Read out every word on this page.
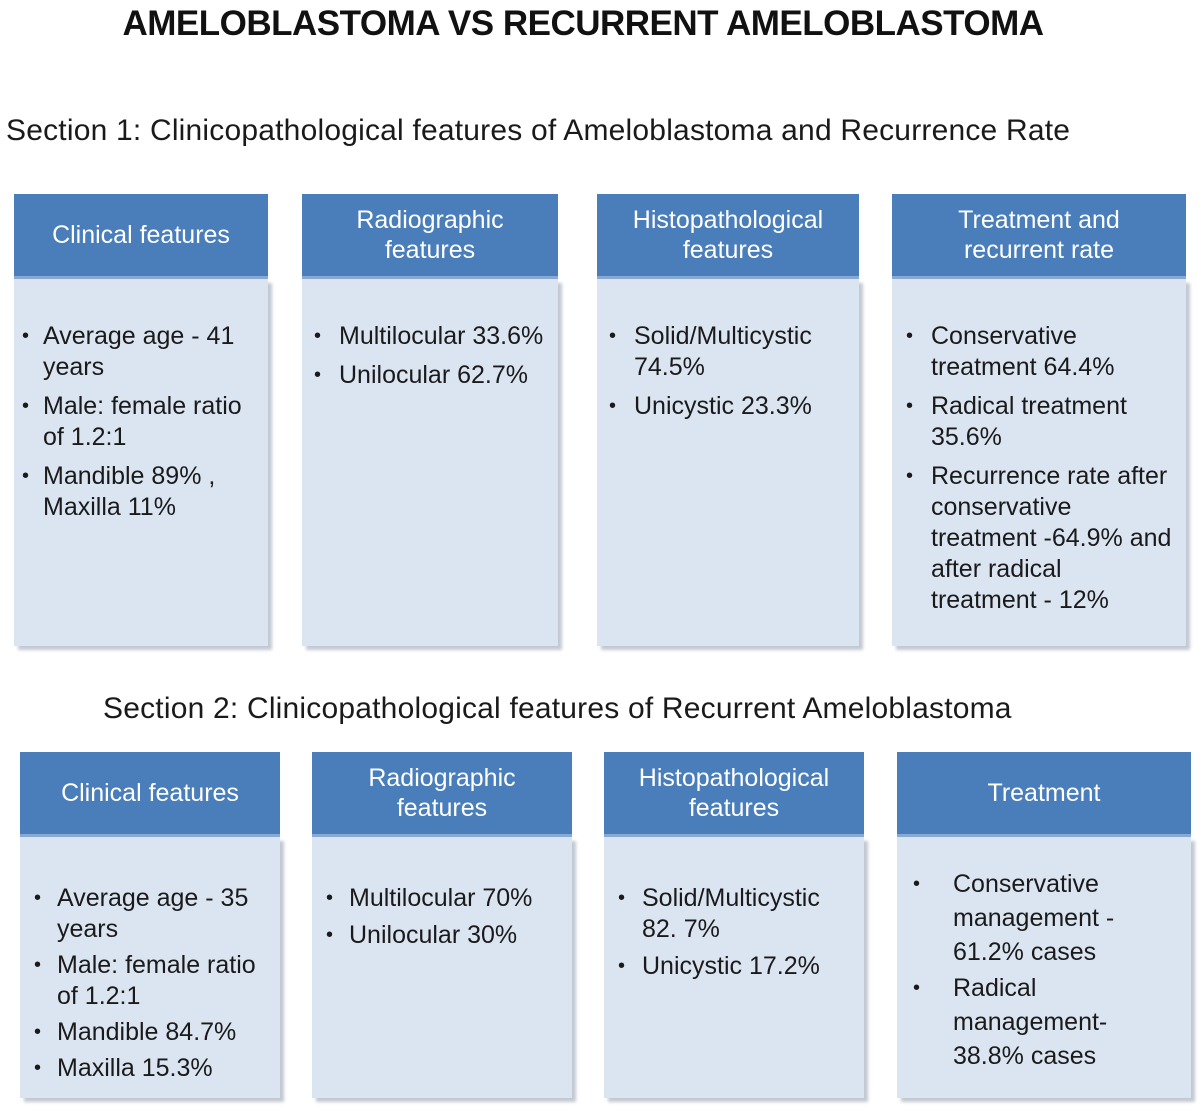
AMELOBLASTOMA VS RECURRENT AMELOBLASTOMA
Section 1: Clinicopathological features of Ameloblastoma and Recurrence Rate
Clinical features
• Average age - 41 years
• Male: female ratio of 1.2:1
• Mandible 89% , Maxilla 11%
Radiographic features
• Multilocular 33.6%
• Unilocular 62.7%
Histopathological features
• Solid/Multicystic 74.5%
• Unicystic 23.3%
Treatment and recurrent rate
• Conservative treatment 64.4%
• Radical treatment 35.6%
• Recurrence rate after conservative treatment -64.9% and after radical treatment - 12%
Section 2: Clinicopathological features of Recurrent Ameloblastoma
Clinical features
• Average age - 35 years
• Male: female ratio of 1.2:1
• Mandible 84.7%
• Maxilla 15.3%
Radiographic features
• Multilocular 70%
• Unilocular 30%
Histopathological features
• Solid/Multicystic 82. 7%
• Unicystic 17.2%
Treatment
• Conservative management - 61.2% cases
• Radical management- 38.8% cases
